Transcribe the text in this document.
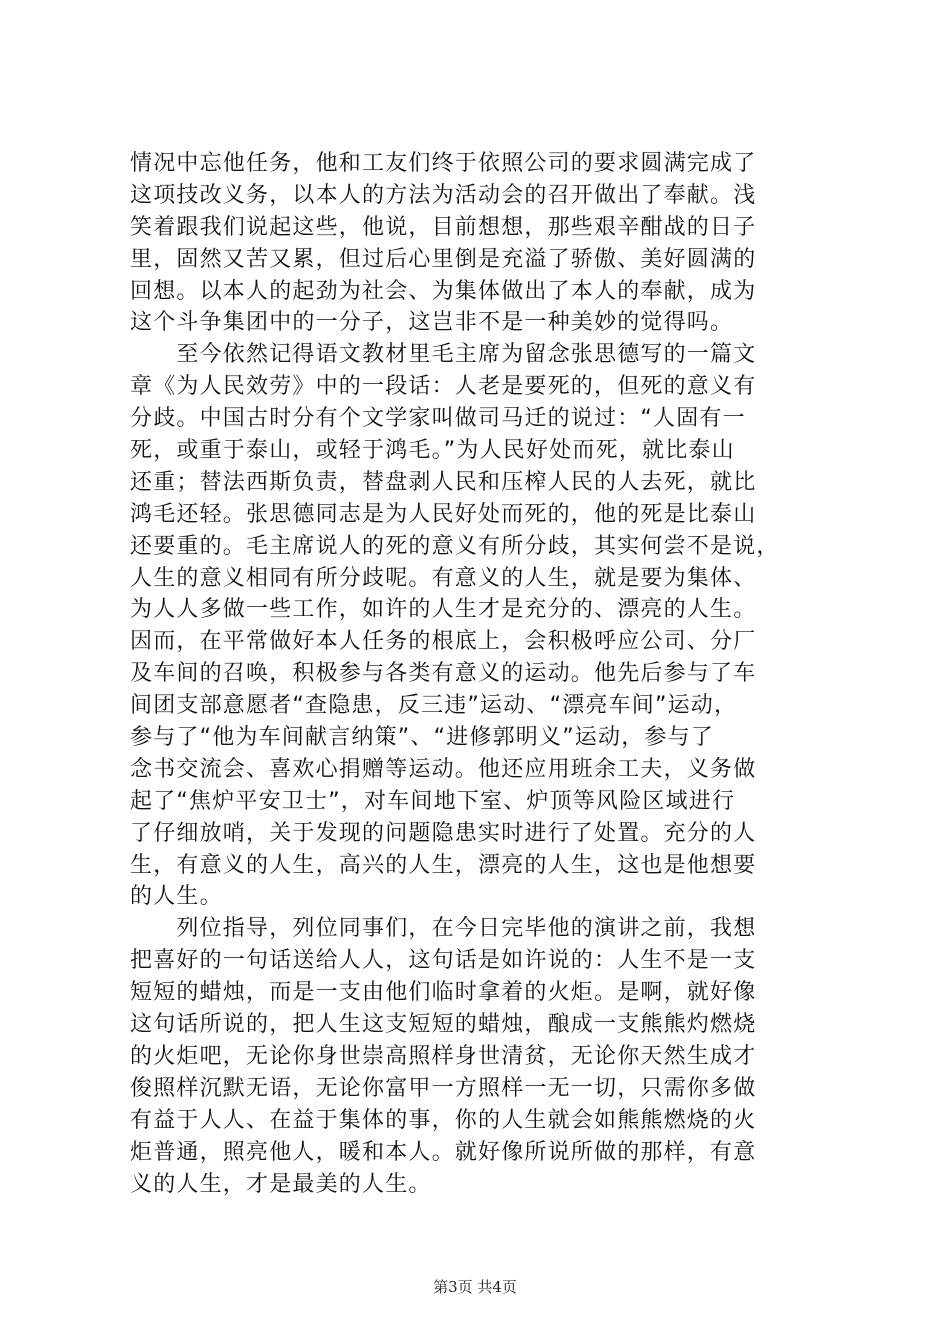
情况中忘他任务，他和工友们终于依照公司的要求圆满完成了
这项技改义务，以本人的方法为活动会的召开做出了奉献。浅
笑着跟我们说起这些，他说，目前想想，那些艰辛酣战的日子
里，固然又苦又累，但过后心里倒是充溢了骄傲、美好圆满的
回想。以本人的起劲为社会、为集体做出了本人的奉献，成为
这个斗争集团中的一分子，这岂非不是一种美妙的觉得吗。
　　至今依然记得语文教材里毛主席为留念张思德写的一篇文
章《为人民效劳》中的一段话：人老是要死的，但死的意义有
分歧。中国古时分有个文学家叫做司马迁的说过：“人固有一
死，或重于泰山，或轻于鸿毛。”为人民好处而死，就比泰山
还重；替法西斯负责，替盘剥人民和压榨人民的人去死，就比
鸿毛还轻。张思德同志是为人民好处而死的，他的死是比泰山
还要重的。毛主席说人的死的意义有所分歧，其实何尝不是说，
人生的意义相同有所分歧呢。有意义的人生，就是要为集体、
为人人多做一些工作，如许的人生才是充分的、漂亮的人生。
因而，在平常做好本人任务的根底上，会积极呼应公司、分厂
及车间的召唤，积极参与各类有意义的运动。他先后参与了车
间团支部意愿者“查隐患，反三违”运动、“漂亮车间”运动，
参与了“他为车间献言纳策”、“进修郭明义”运动，参与了
念书交流会、喜欢心捐赠等运动。他还应用班余工夫，义务做
起了“焦炉平安卫士”，对车间地下室、炉顶等风险区域进行
了仔细放哨，关于发现的问题隐患实时进行了处置。充分的人
生，有意义的人生，高兴的人生，漂亮的人生，这也是他想要
的人生。
　　列位指导，列位同事们，在今日完毕他的演讲之前，我想
把喜好的一句话送给人人，这句话是如许说的：人生不是一支
短短的蜡烛，而是一支由他们临时拿着的火炬。是啊，就好像
这句话所说的，把人生这支短短的蜡烛，酿成一支熊熊灼燃烧
的火炬吧，无论你身世崇高照样身世清贫，无论你天然生成才
俊照样沉默无语，无论你富甲一方照样一无一切，只需你多做
有益于人人、在益于集体的事，你的人生就会如熊熊燃烧的火
炬普通，照亮他人，暖和本人。就好像所说所做的那样，有意
义的人生，才是最美的人生。
第3页 共4页
